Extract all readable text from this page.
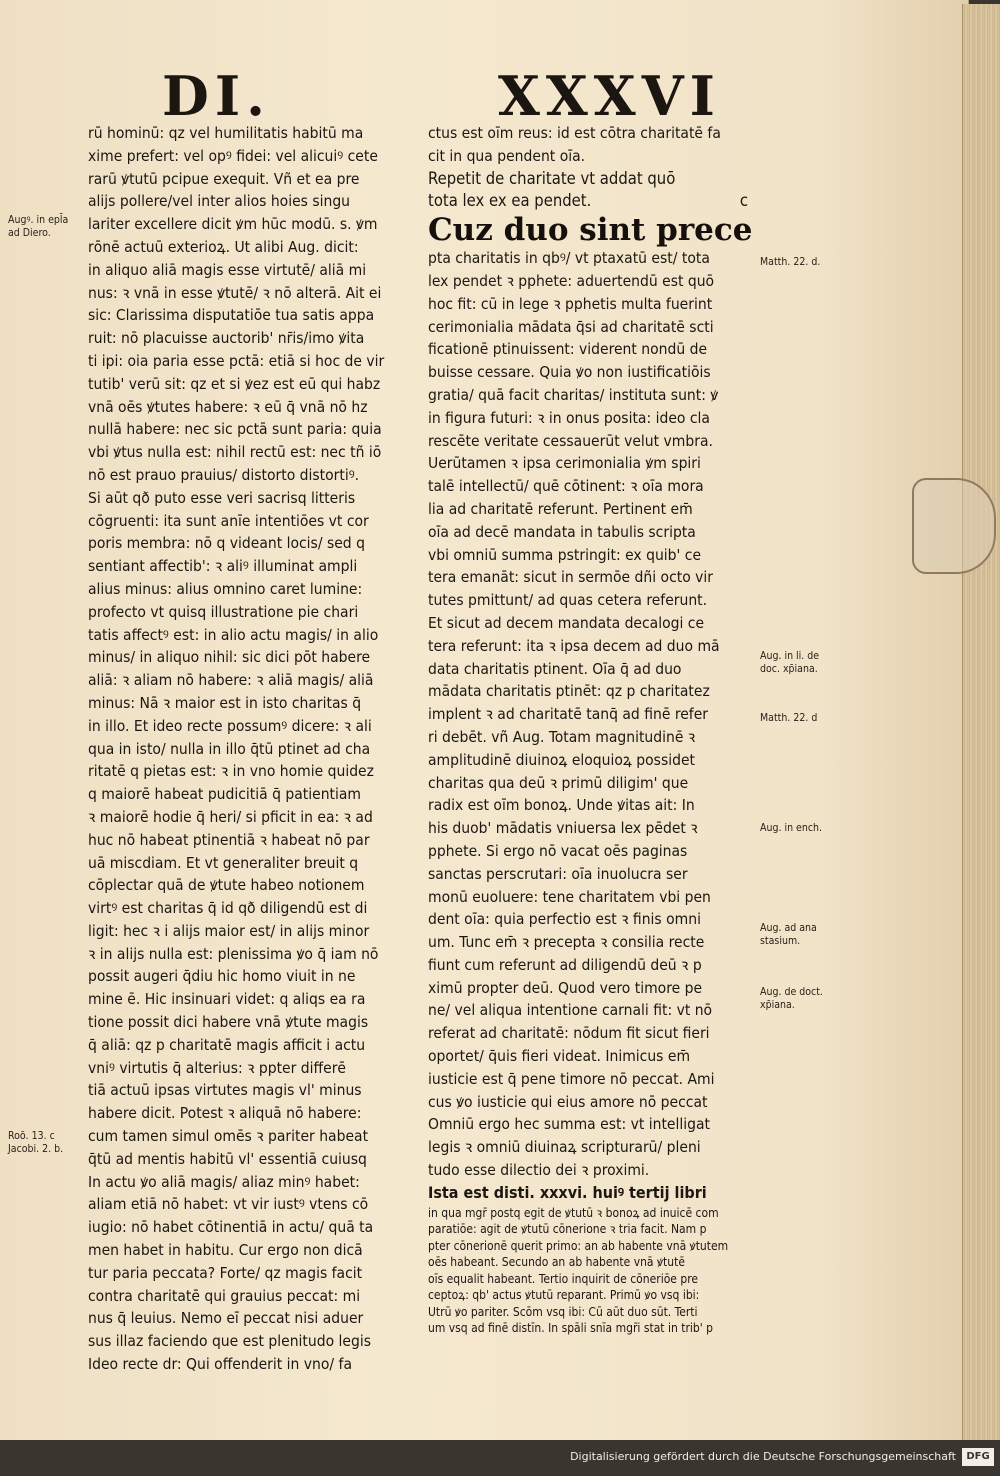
DI.	XXXVI
rū hominū: qz vel humilitatis habitū ma
xime prefert: vel opꝰ fidei: vel alicuiꝰ cete
rarū ꝟtutū pcipue exequit. Vñ et ea pre
alijs pollere/vel inter alios hoies singu
lariter excellere dicit ꝟm hūc modū. s. ꝟm
rōnē actuū exterioꝝ. Ut alibi Aug. dicit:
in aliquo aliā magis esse virtutē/ aliā mi
nus: ꝛ vnā in esse ꝟtutē/ ꝛ nō alterā. Ait ei
sic: Clarissima disputatiōe tua satis appa
ruit: nō placuisse auctorib' nr̄is/imo ꝟita
ti ipi: oia paria esse pctā: etiā si hoc de vir
tutib' verū sit: qz et si ꝟez est eū qui habz
vnā oēs ꝟtutes habere: ꝛ eū q̄ vnā nō hz
nullā habere: nec sic pctā sunt paria: quia
vbi ꝟtus nulla est: nihil rectū est: nec tñ iō
nō est prauo prauius/ distorto distortiꝰ.
Si aūt qð puto esse veri sacrisq litteris
cōgruenti: ita sunt anīe intentiōes vt cor
poris membra: nō q videant locis/ sed q
sentiant affectib': ꝛ aliꝰ illuminat ampli
alius minus: alius omnino caret lumine:
profecto vt quisq illustratione pie chari
tatis affectꝰ est: in alio actu magis/ in alio
minus/ in aliquo nihil: sic dici pōt habere
aliā: ꝛ aliam nō habere: ꝛ aliā magis/ aliā
minus: Nā ꝛ maior est in isto charitas q̄
in illo. Et ideo recte possumꝰ dicere: ꝛ ali
qua in isto/ nulla in illo q̄tū ptinet ad cha
ritatē q pietas est: ꝛ in vno homie quidez
q maiorē habeat pudicitiā q̄ patientiam
ꝛ maiorē hodie q̄ heri/ si pficit in ea: ꝛ ad
huc nō habeat ptinentiā ꝛ habeat nō par
uā miscdiam. Et vt generaliter breuit q
cōplectar quā de ꝟtute habeo notionem
virtꝰ est charitas q̄ id qð diligendū est di
ligit: hec ꝛ i alijs maior est/ in alijs minor
ꝛ in alijs nulla est: plenissima ꝟo q̄ iam nō
possit augeri q̄diu hic homo viuit in ne
mine ē. Hic insinuari videt: q aliqs ea ra
tione possit dici habere vnā ꝟtute magis
q̄ aliā: qz p charitatē magis afficit i actu
vniꝰ virtutis q̄ alterius: ꝛ ppter differē
tiā actuū ipsas virtutes magis vl' minus
habere dicit. Potest ꝛ aliquā nō habere:
cum tamen simul omēs ꝛ pariter habeat
q̄tū ad mentis habitū vl' essentiā cuiusq
In actu ꝟo aliā magis/ aliaz minꝰ habet:
aliam etiā nō habet: vt vir iustꝰ vtens cō
iugio: nō habet cōtinentiā in actu/ quā ta
men habet in habitu. Cur ergo non dicā
tur paria peccata? Forte/ qz magis facit
contra charitatē qui grauius peccat: mi
nus q̄ leuius. Nemo eī peccat nisi aduer
sus illaz faciendo que est plenitudo legis
Ideo recte dr: Qui offenderit in vno/ fa
ctus est oīm reus: id est cōtra charitatē fa
cit in qua pendent oīa.
Repetit de charitate vt addat quō
tota lex ex ea pendet.	c
Cuz duo sint prece
pta charitatis in qbꝰ/ vt ptaxatū est/ tota
lex pendet ꝛ pphete: aduertendū est quō
hoc fit: cū in lege ꝛ pphetis multa fuerint
cerimonialia mādata q̄si ad charitatē scti
ficationē ptinuissent: viderent nondū de
buisse cessare. Quia ꝟo non iustificatiōis
gratia/ quā facit charitas/ instituta sunt: ꝟ
in figura futuri: ꝛ in onus posita: ideo cla
rescēte veritate cessauerūt velut vmbra.
Uerūtamen ꝛ ipsa cerimonialia ꝟm spiri
talē intellectū/ quē cōtinent: ꝛ oīa mora
lia ad charitatē referunt. Pertinent em̄
oīa ad decē mandata in tabulis scripta
vbi omniū summa pstringit: ex quib' ce
tera emanāt: sicut in sermōe dñi octo vir
tutes pmittunt/ ad quas cetera referunt.
Et sicut ad decem mandata decalogi ce
tera referunt: ita ꝛ ipsa decem ad duo mā
data charitatis ptinent. Oīa q̄ ad duo
mādata charitatis ptinēt: qz p charitatez
implent ꝛ ad charitatē tanq̄ ad finē refer
ri debēt. vñ Aug. Totam magnitudinē ꝛ
amplitudinē diuinoꝝ eloquioꝝ possidet
charitas qua deū ꝛ primū diligim' que
radix est oīm bonoꝝ. Unde ꝟitas ait: In
his duob' mādatis vniuersa lex pēdet ꝛ
pphete. Si ergo nō vacat oēs paginas
sanctas perscrutari: oīa inuolucra ser
monū euoluere: tene charitatem vbi pen
dent oīa: quia perfectio est ꝛ finis omni
um. Tunc em̄ ꝛ precepta ꝛ consilia recte
fiunt cum referunt ad diligendū deū ꝛ p
ximū propter deū. Quod vero timore pe
ne/ vel aliqua intentione carnali fit: vt nō
referat ad charitatē: nōdum fit sicut fieri
oportet/ q̄uis fieri videat. Inimicus em̄
iusticie est q̄ pene timore nō peccat. Ami
cus ꝟo iusticie qui eius amore nō peccat
Omniū ergo hec summa est: vt intelligat
legis ꝛ omniū diuinaꝝ scripturarū/ pleni
tudo esse dilectio dei ꝛ proximi.
Ista est disti. xxxvi. huiꝰ tertij libri
in qua mgr̄ postq egit de ꝟtutū ꝛ bonoꝝ ad inuicē com
paratiōe: agit de ꝟtutū cōnerione ꝛ tria facit. Nam p
pter cōnerionē querit primo: an ab habente vnā ꝟtutem
oēs habeant. Secundo an ab habente vnā ꝟtutē
oīs equalit habeant. Tertio inquirit de cōneriōe pre
ceptoꝝ: qb' actus ꝟtutū reparant. Primū ꝟo vsq ibi:
Utrū ꝟo pariter. Scōm vsq ibi: Cū aūt duo sūt. Terti
um vsq ad finē distīn. In spāli snīa mgr̄i stat in trib' p
Augꝰ. in epl̄a
ad Diero.
Roō. 13. c
Jacobi. 2. b.
Matth. 22. d.
Aug. in li. de
doc. xp̄iana.
Matth. 22. d
Aug. in ench.
Aug. ad ana
stasium.
Aug. de doct.
xp̄iana.
Digitalisierung gefördert durch die Deutsche Forschungsgemeinschaft	DFG
